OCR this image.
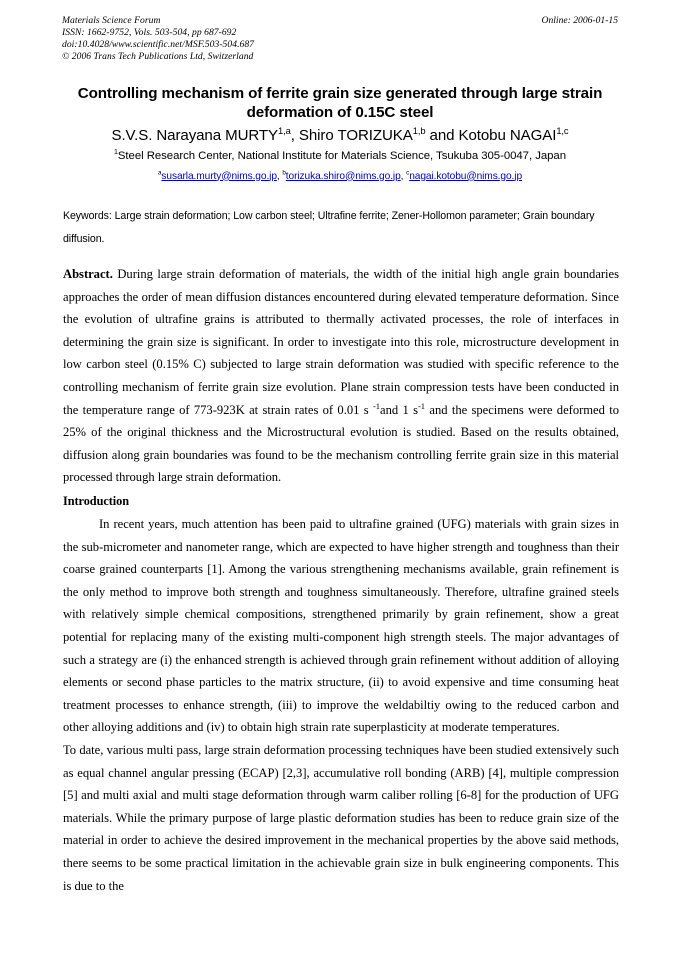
Materials Science Forum	Online: 2006-01-15
ISSN: 1662-9752, Vols. 503-504, pp 687-692
doi:10.4028/www.scientific.net/MSF.503-504.687
© 2006 Trans Tech Publications Ltd, Switzerland
Controlling mechanism of ferrite grain size generated through large strain deformation of 0.15C steel

S.V.S. Narayana MURTY$^{1,a}$, Shiro TORIZUKA$^{1,b}$ and Kotobu NAGAI$^{1,c}$

$^1$Steel Research Center, National Institute for Materials Science, Tsukuba 305-0047, Japan

$^a$susarla.murty@nims.go.jp, $^b$torizuka.shiro@nims.go.jp, $^c$nagai.kotobu@nims.go.jp

Keywords: Large strain deformation; Low carbon steel; Ultrafine ferrite; Zener-Hollomon parameter; Grain boundary diffusion.
Abstract. During large strain deformation of materials, the width of the initial high angle grain boundaries approaches the order of mean diffusion distances encountered during elevated temperature deformation. Since the evolution of ultrafine grains is attributed to thermally activated processes, the role of interfaces in determining the grain size is significant. In order to investigate into this role, microstructure development in low carbon steel (0.15% C) subjected to large strain deformation was studied with specific reference to the controlling mechanism of ferrite grain size evolution. Plane strain compression tests have been conducted in the temperature range of 773-923K at strain rates of 0.01 s $^{-1}$and 1 $s^{-1}$ and the specimens were deformed to 25% of the original thickness and the Microstructural evolution is studied. Based on the results obtained, diffusion along grain boundaries was found to be the mechanism controlling ferrite grain size in this material processed through large strain deformation.
Introduction

In recent years, much attention has been paid to ultrafine grained (UFG) materials with grain sizes in the sub-micrometer and nanometer range, which are expected to have higher strength and toughness than their coarse grained counterparts [1]. Among the various strengthening mechanisms available, grain refinement is the only method to improve both strength and toughness simultaneously. Therefore, ultrafine grained steels with relatively simple chemical compositions, strengthened primarily by grain refinement, show a great potential for replacing many of the existing multi-component high strength steels. The major advantages of such a strategy are (i) the enhanced strength is achieved through grain refinement without addition of alloying elements or second phase particles to the matrix structure, (ii) to avoid expensive and time consuming heat treatment processes to enhance strength, (iii) to improve the weldabiltiy owing to the reduced carbon and other alloying additions and (iv) to obtain high strain rate superplasticity at moderate temperatures.

To date, various multi pass, large strain deformation processing techniques have been studied extensively such as equal channel angular pressing (ECAP) [2,3], accumulative roll bonding (ARB) [4], multiple compression [5] and multi axial and multi stage deformation through warm caliber rolling [6-8] for the production of UFG materials. While the primary purpose of large plastic deformation studies has been to reduce grain size of the material in order to achieve the desired improvement in the mechanical properties by the above said methods, there seems to be some practical limitation in the achievable grain size in bulk engineering components. This is due to the
